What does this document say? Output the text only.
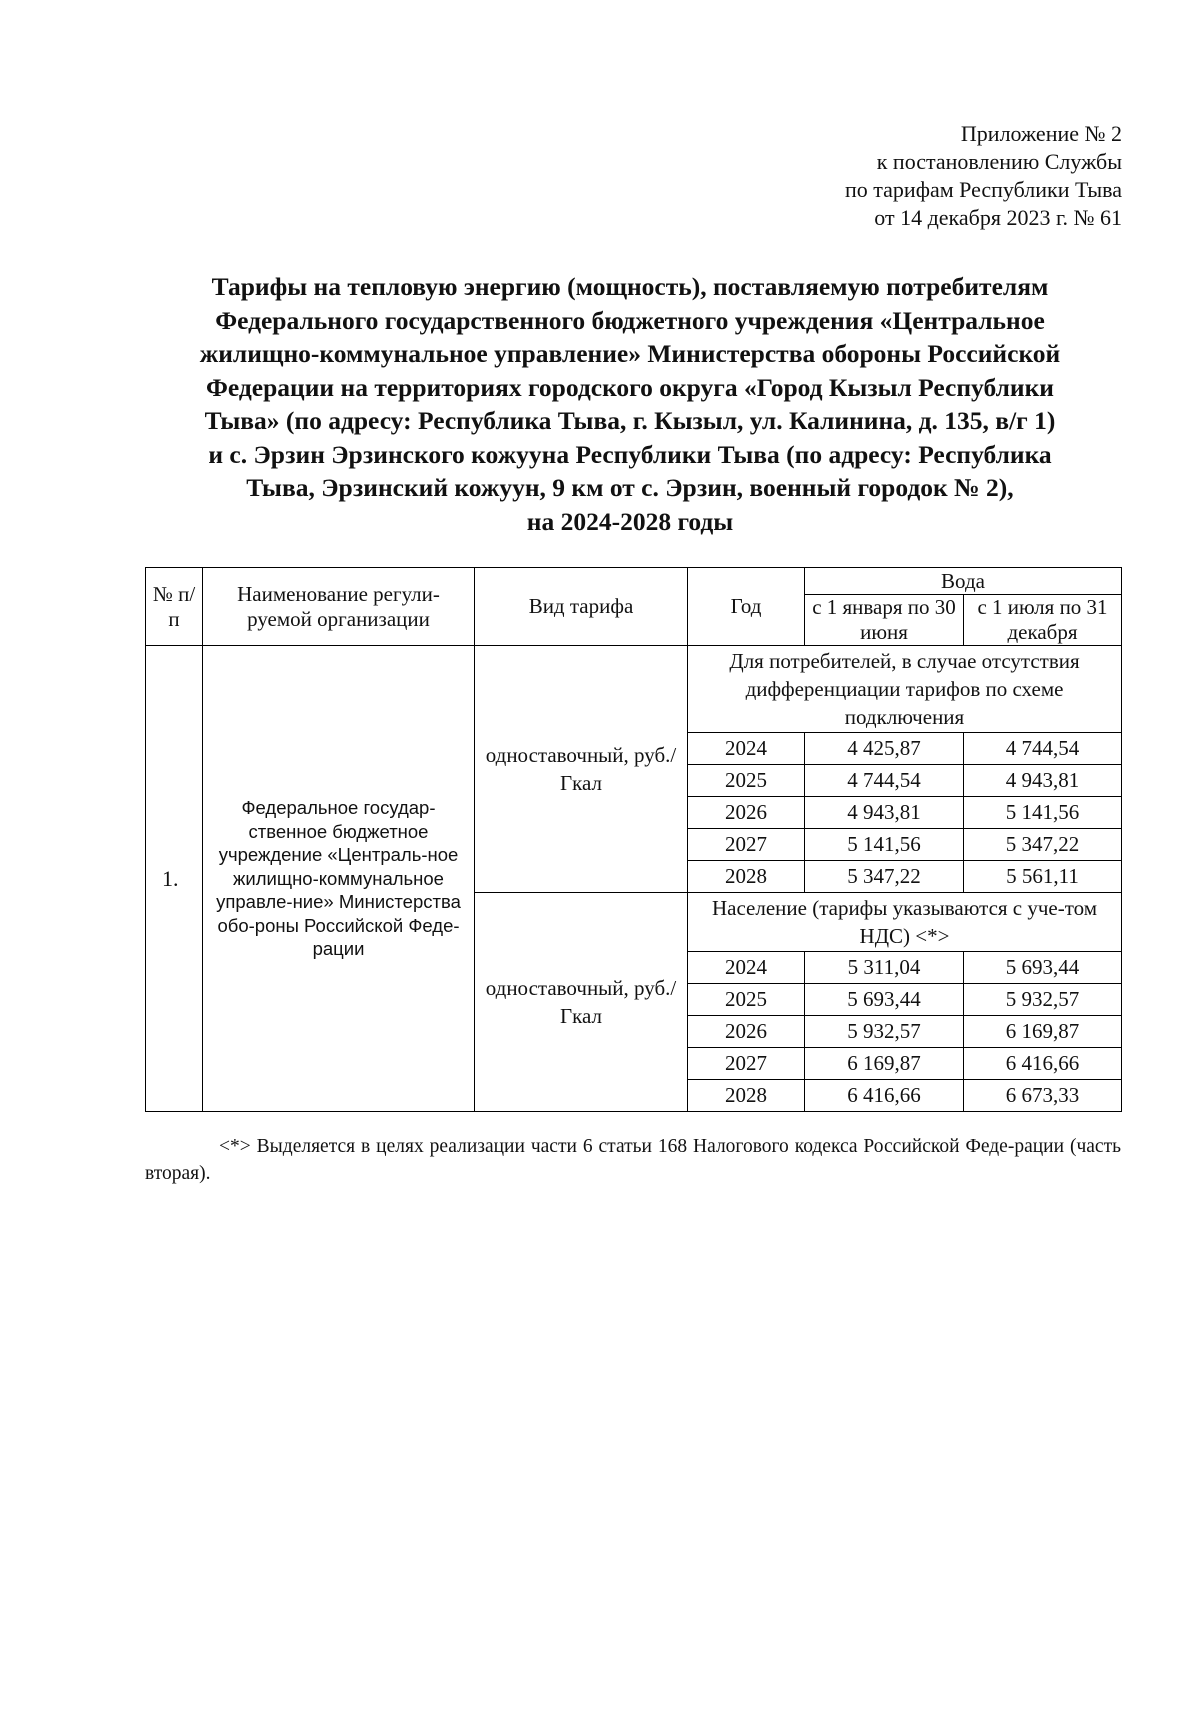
Приложение № 2
к постановлению Службы
по тарифам Республики Тыва
от 14 декабря 2023 г. № 61
Тарифы на тепловую энергию (мощность), поставляемую потребителям
Федерального государственного бюджетного учреждения «Центральное
жилищно-коммунальное управление» Министерства обороны Российской
Федерации на территориях городского округа «Город Кызыл Республики
Тыва» (по адресу: Республика Тыва, г. Кызыл, ул. Калинина, д. 135, в/г 1)
и с. Эрзин Эрзинского кожууна Республики Тыва (по адресу: Республика
Тыва, Эрзинский кожуун, 9 км от с. Эрзин, военный городок № 2),
на 2024-2028 годы
№ п/п	Наименование регули-руемой организации	Вид тарифа	Год	Вода	
				с 1 января по 30 июня	с 1 июля по 31 декабря

1.	Федеральное государ-ственное бюджетное учреждение «Централь-ное жилищно-коммунальное управле-ние» Министерства обо-роны Российской Феде-рации	одноставочный, руб./Гкал	Для потребителей, в случае отсутствия дифференциации тарифов по схеме подключения		
			2024	4 425,87	4 744,54
			2025	4 744,54	4 943,81
			2026	4 943,81	5 141,56
			2027	5 141,56	5 347,22
			2028	5 347,22	5 561,11
		одноставочный, руб./Гкал	Население (тарифы указываются с уче-том НДС) <*>		
			2024	5 311,04	5 693,44
			2025	5 693,44	5 932,57
			2026	5 932,57	6 169,87
			2027	6 169,87	6 416,66
			2028	6 416,66	6 673,33
<*> Выделяется в целях реализации части 6 статьи 168 Налогового кодекса Российской Феде-рации (часть вторая).
